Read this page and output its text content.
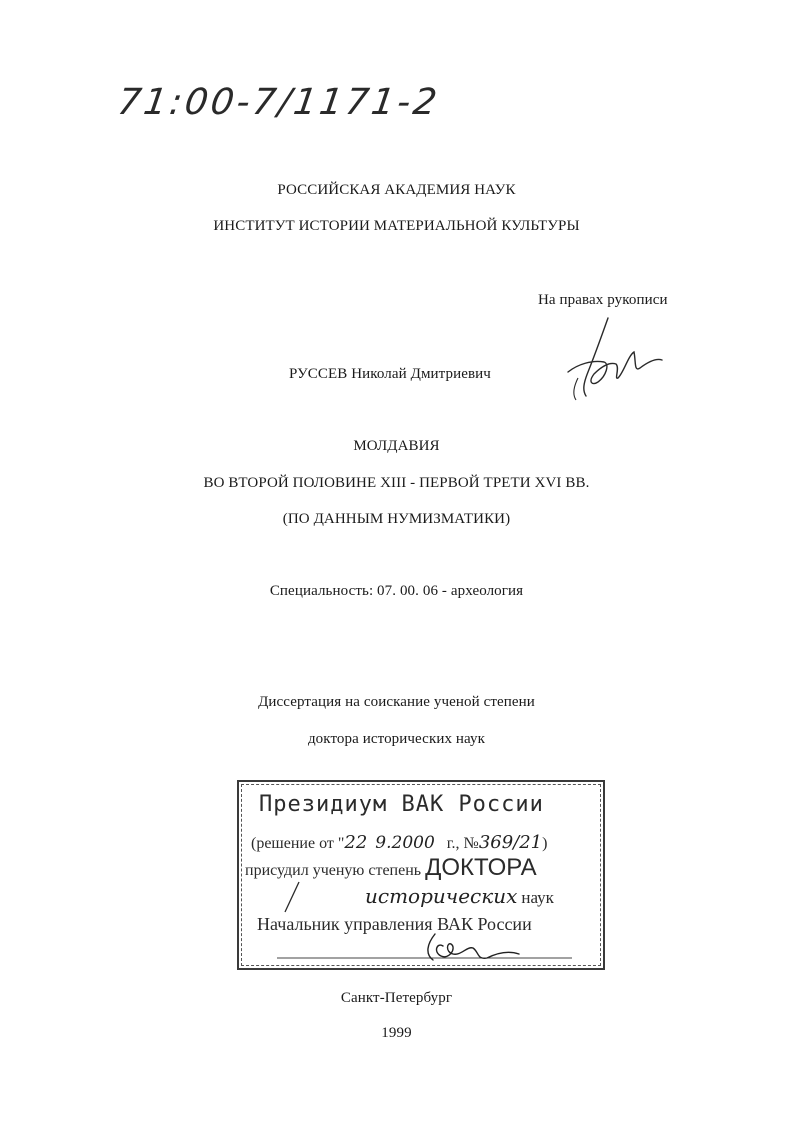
71:00-7/1171-2
РОССИЙСКАЯ АКАДЕМИЯ НАУК
ИНСТИТУТ ИСТОРИИ МАТЕРИАЛЬНОЙ КУЛЬТУРЫ
На правах рукописи
РУССЕВ Николай Дмитриевич
МОЛДАВИЯ
ВО ВТОРОЙ ПОЛОВИНЕ XIII - ПЕРВОЙ ТРЕТИ XVI ВВ.
(ПО ДАННЫМ НУМИЗМАТИКИ)
Специальность: 07. 00. 06 - археология
Диссертация на соискание ученой степени
доктора исторических наук
Президиум ВАК России
(решение от "22 9.2000 г., №369/21)
присудил ученую степень ДОКТОРА
исторических наук
Начальник управления ВАК России
Санкт-Петербург
1999
